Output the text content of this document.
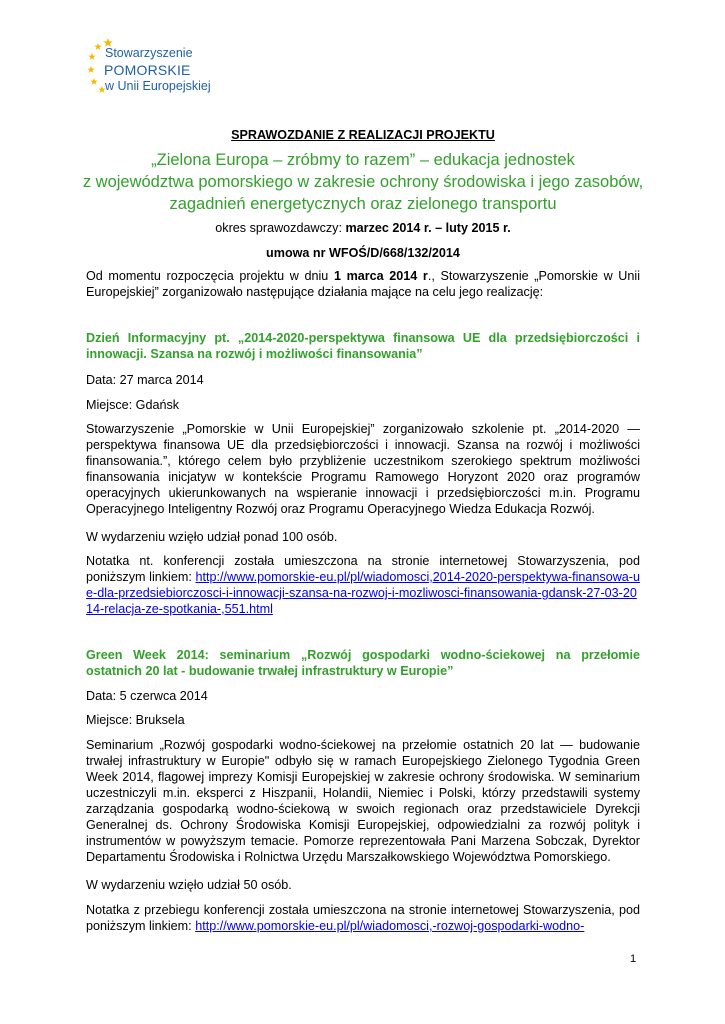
Stowarzyszenie
POMORSKIE
w Unii Europejskiej

SPRAWOZDANIE Z REALIZACJI PROJEKTU

„Zielona Europa – zróbmy to razem” – edukacja jednostek
z województwa pomorskiego w zakresie ochrony środowiska i jego zasobów,
zagadnień energetycznych oraz zielonego transportu

okres sprawozdawczy: marzec 2014 r. – luty 2015 r.

umowa nr WFOŚ/D/668/132/2014

Od momentu rozpoczęcia projektu w dniu 1 marca 2014 r., Stowarzyszenie „Pomorskie w Unii Europejskiej” zorganizowało następujące działania mające na celu jego realizację:

Dzień Informacyjny pt. „2014-2020-perspektywa finansowa UE dla przedsiębiorczości i innowacji. Szansa na rozwój i możliwości finansowania”

Data: 27 marca 2014

Miejsce: Gdańsk

Stowarzyszenie „Pomorskie w Unii Europejskiej” zorganizowało szkolenie pt. „2014-2020 — perspektywa finansowa UE dla przedsiębiorczości i innowacji. Szansa na rozwój i możliwości finansowania.”, którego celem było przybliżenie uczestnikom szerokiego spektrum możliwości finansowania inicjatyw w kontekście Programu Ramowego Horyzont 2020 oraz programów operacyjnych ukierunkowanych na wspieranie innowacji i przedsiębiorczości m.in. Programu Operacyjnego Inteligentny Rozwój oraz Programu Operacyjnego Wiedza Edukacja Rozwój.

W wydarzeniu wzięło udział ponad 100 osób.

Notatka nt. konferencji została umieszczona na stronie internetowej Stowarzyszenia, pod poniższym linkiem: http://www.pomorskie-eu.pl/pl/wiadomosci,2014-2020-perspektywa-finansowa-ue-dla-przedsiebiorczosci-i-innowacji-szansa-na-rozwoj-i-mozliwosci-finansowania-gdansk-27-03-2014-relacja-ze-spotkania-,551.html

Green Week 2014: seminarium „Rozwój gospodarki wodno-ściekowej na przełomie ostatnich 20 lat - budowanie trwałej infrastruktury w Europie”

Data: 5 czerwca 2014

Miejsce: Bruksela

Seminarium „Rozwój gospodarki wodno-ściekowej na przełomie ostatnich 20 lat — budowanie trwałej infrastruktury w Europie" odbyło się w ramach Europejskiego Zielonego Tygodnia Green Week 2014, flagowej imprezy Komisji Europejskiej w zakresie ochrony środowiska. W seminarium uczestniczyli m.in. eksperci z Hiszpanii, Holandii, Niemiec i Polski, którzy przedstawili systemy zarządzania gospodarką wodno-ściekową w swoich regionach oraz przedstawiciele Dyrekcji Generalnej ds. Ochrony Środowiska Komisji Europejskiej, odpowiedzialni za rozwój polityk i instrumentów w powyższym temacie. Pomorze reprezentowała Pani Marzena Sobczak, Dyrektor Departamentu Środowiska i Rolnictwa Urzędu Marszałkowskiego Województwa Pomorskiego.

W wydarzeniu wzięło udział 50 osób.

Notatka z przebiegu konferencji została umieszczona na stronie internetowej Stowarzyszenia, pod poniższym linkiem: http://www.pomorskie-eu.pl/pl/wiadomosci,-rozwoj-gospodarki-wodno-

1
